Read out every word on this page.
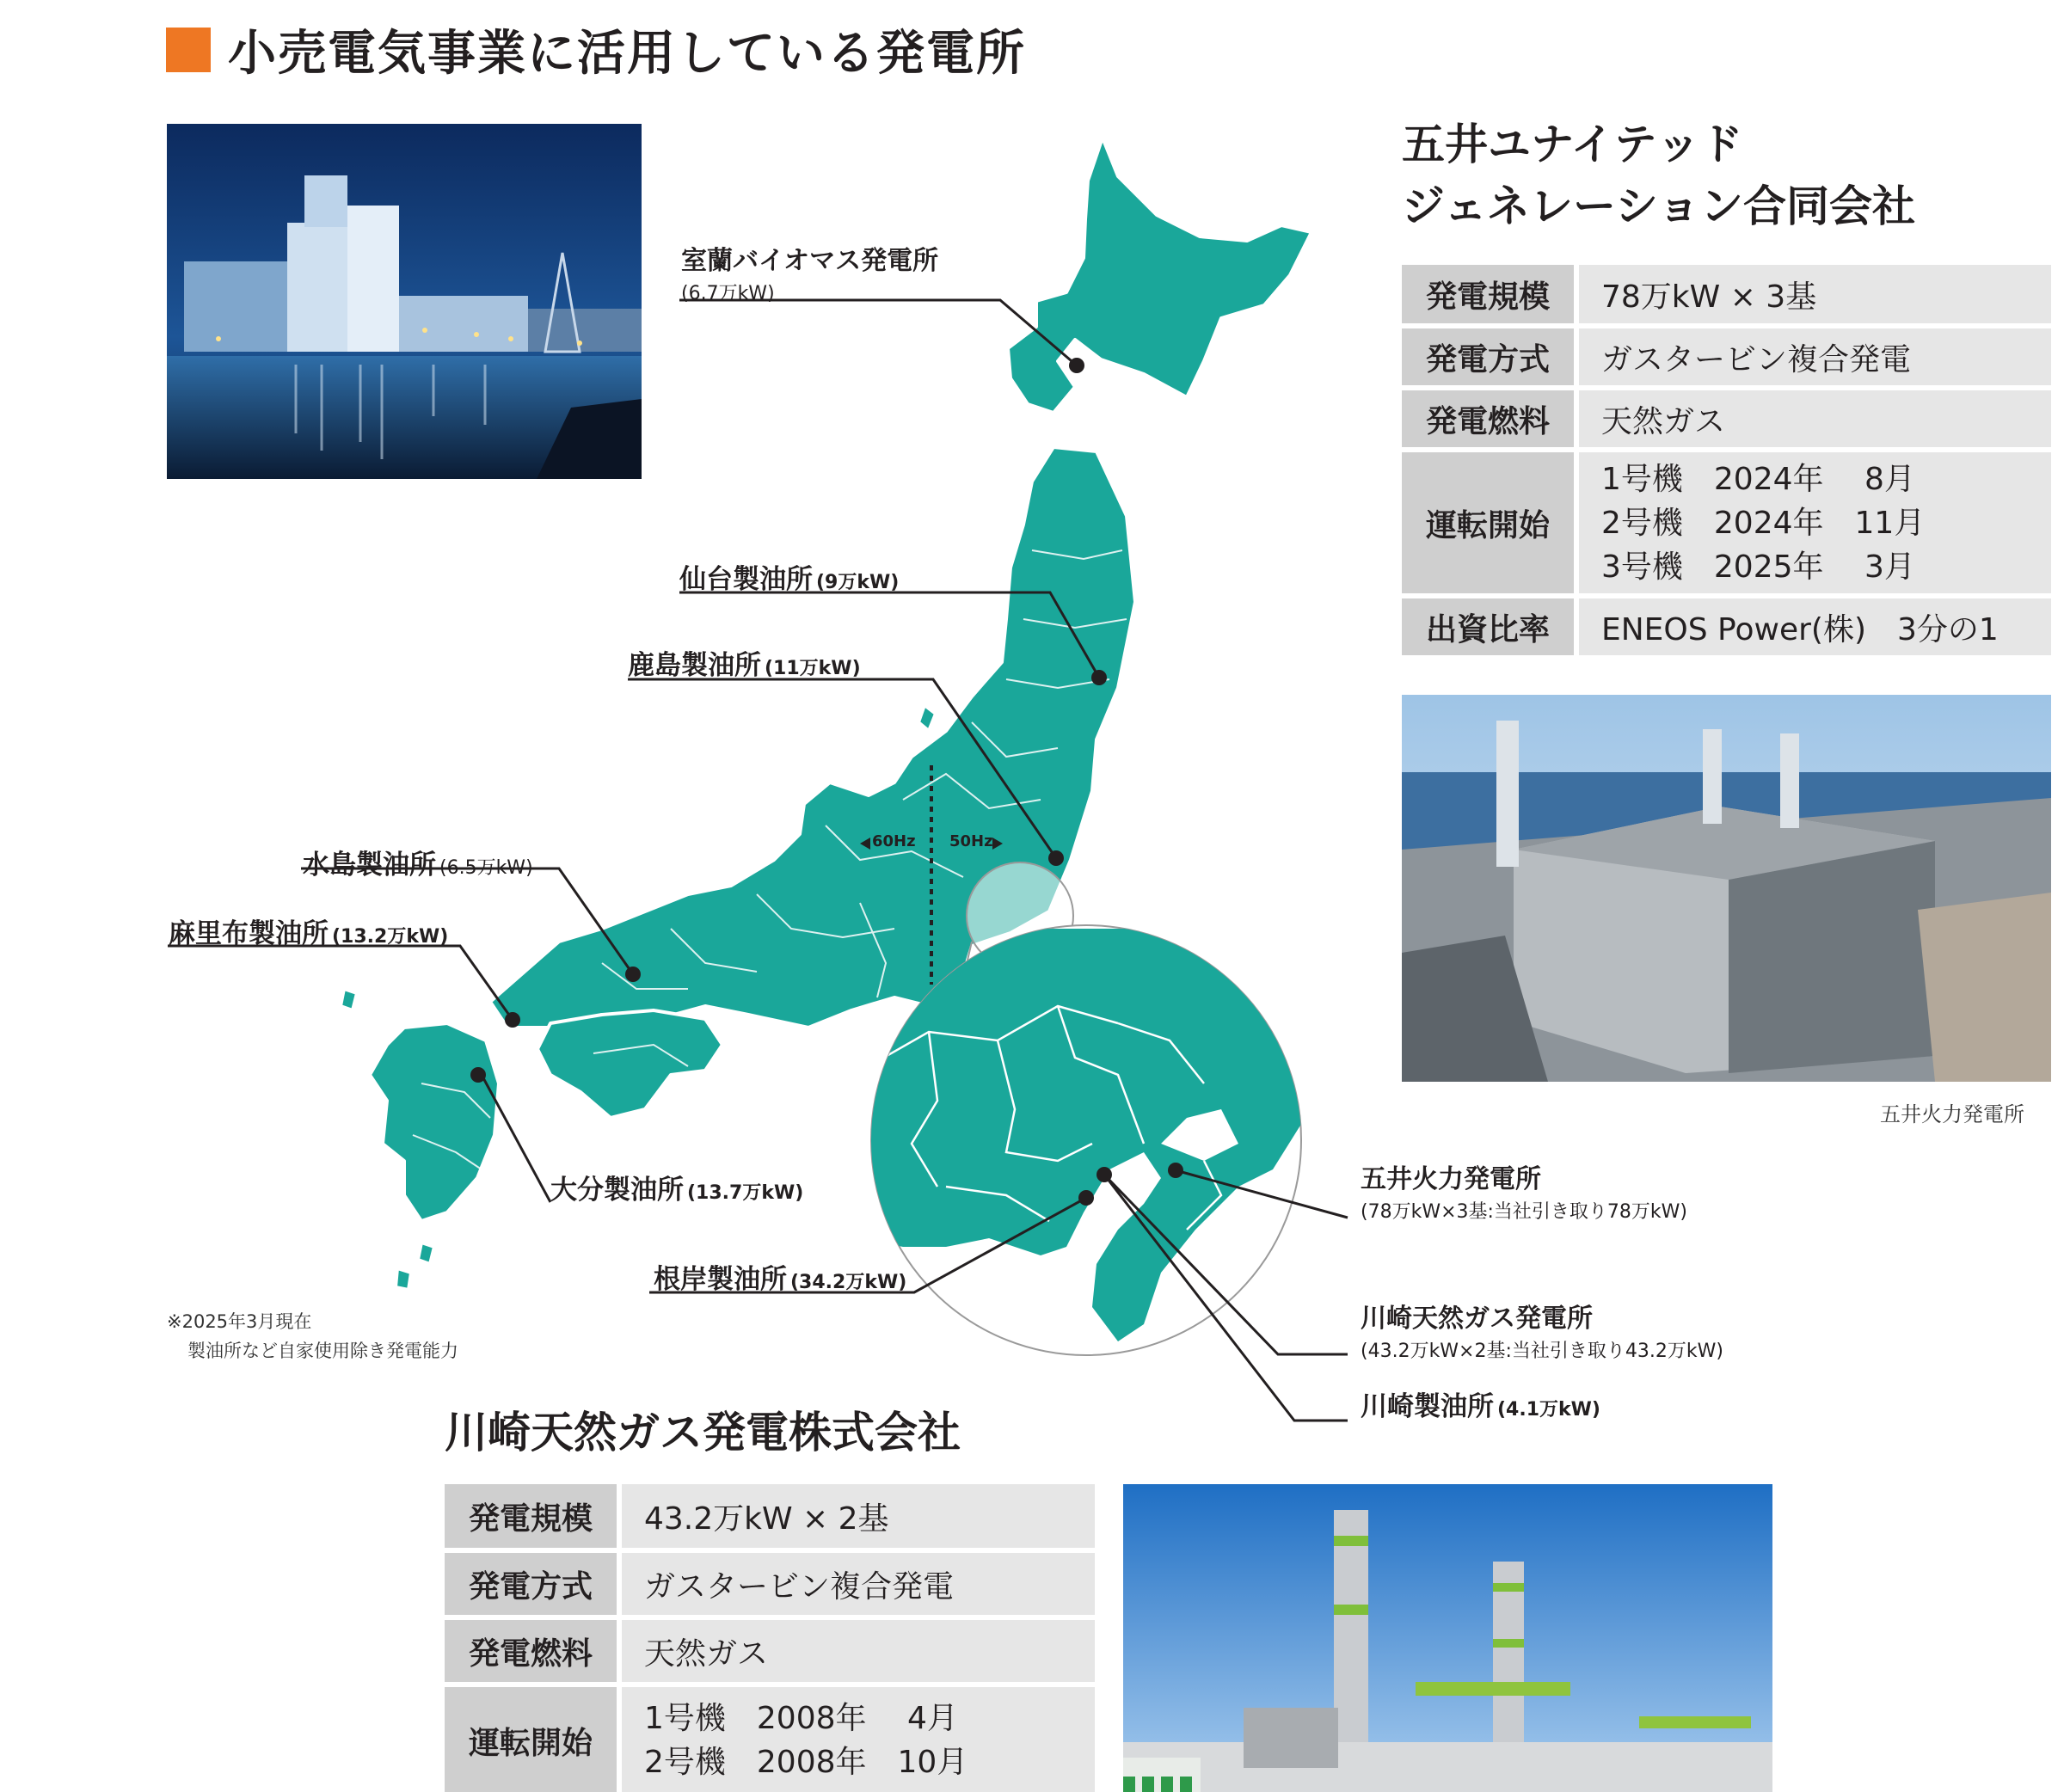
小売電気事業に活用している発電所
60Hz 50Hz
室蘭バイオマス発電所
(6.7万kW)
仙台製油所 (9万kW)
鹿島製油所 (11万kW)
水島製油所 (6.5万kW)
麻里布製油所 (13.2万kW)
大分製油所 (13.7万kW)
根岸製油所 (34.2万kW)
五井火力発電所
(78万kW×3基:当社引き取り78万kW)
川崎天然ガス発電所
(43.2万kW×2基:当社引き取り43.2万kW)
川崎製油所 (4.1万kW)
※2025年3月現在
製油所など自家使用除き発電能力
五井ユナイテッド
ジェネレーション合同会社
発電規模	78万kW × 3基
発電方式	ガスタービン複合発電
発電燃料	天然ガス
運転開始	1号機　2024年　 8月
2号機　2024年　11月
3号機　2025年　 3月

出資比率	ENEOS Power(株)　3分の1
五井火力発電所
川崎天然ガス発電株式会社
発電規模	43.2万kW × 2基
発電方式	ガスタービン複合発電
発電燃料	天然ガス
運転開始	1号機　2008年　 4月
2号機　2008年　10月
